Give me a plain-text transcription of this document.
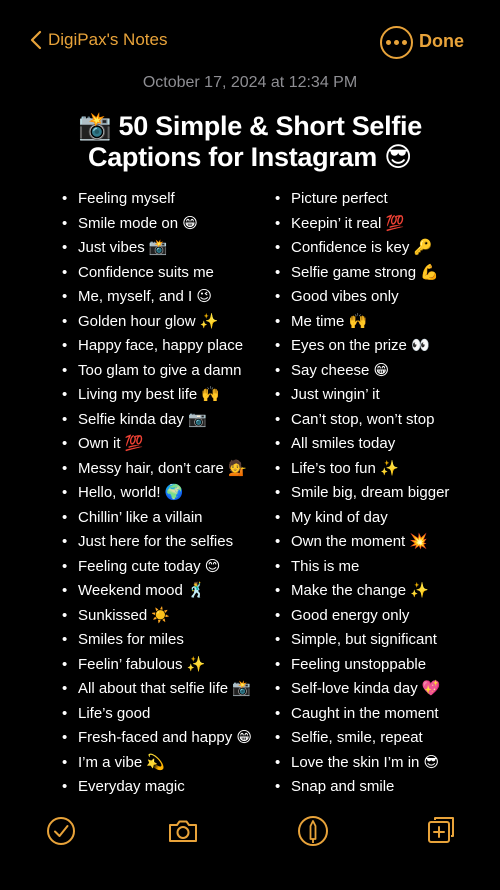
DigiPax's Notes	Done
October 17, 2024 at 12:34 PM
📸 50 Simple & Short Selfie
Captions for Instagram 😎
• Feeling myself
• Smile mode on 😁
• Just vibes 📸
• Confidence suits me
• Me, myself, and I 😉
• Golden hour glow ✨
• Happy face, happy place
• Too glam to give a damn
• Living my best life 🙌
• Selfie kinda day 📷
• Own it 💯
• Messy hair, don’t care 💁
• Hello, world! 🌍
• Chillin’ like a villain
• Just here for the selfies
• Feeling cute today 😊
• Weekend mood 🕺
• Sunkissed ☀️
• Smiles for miles
• Feelin’ fabulous ✨
• All about that selfie life 📸
• Life’s good
• Fresh-faced and happy 😁
• I’m a vibe 💫
• Everyday magic
• Picture perfect
• Keepin’ it real 💯
• Confidence is key 🔑
• Selfie game strong 💪
• Good vibes only
• Me time 🙌
• Eyes on the prize 👀
• Say cheese 😁
• Just wingin’ it
• Can’t stop, won’t stop
• All smiles today
• Life’s too fun ✨
• Smile big, dream bigger
• My kind of day
• Own the moment 💥
• This is me
• Make the change ✨
• Good energy only
• Simple, but significant
• Feeling unstoppable
• Self-love kinda day 💖
• Caught in the moment
• Selfie, smile, repeat
• Love the skin I’m in 😎
• Snap and smile
